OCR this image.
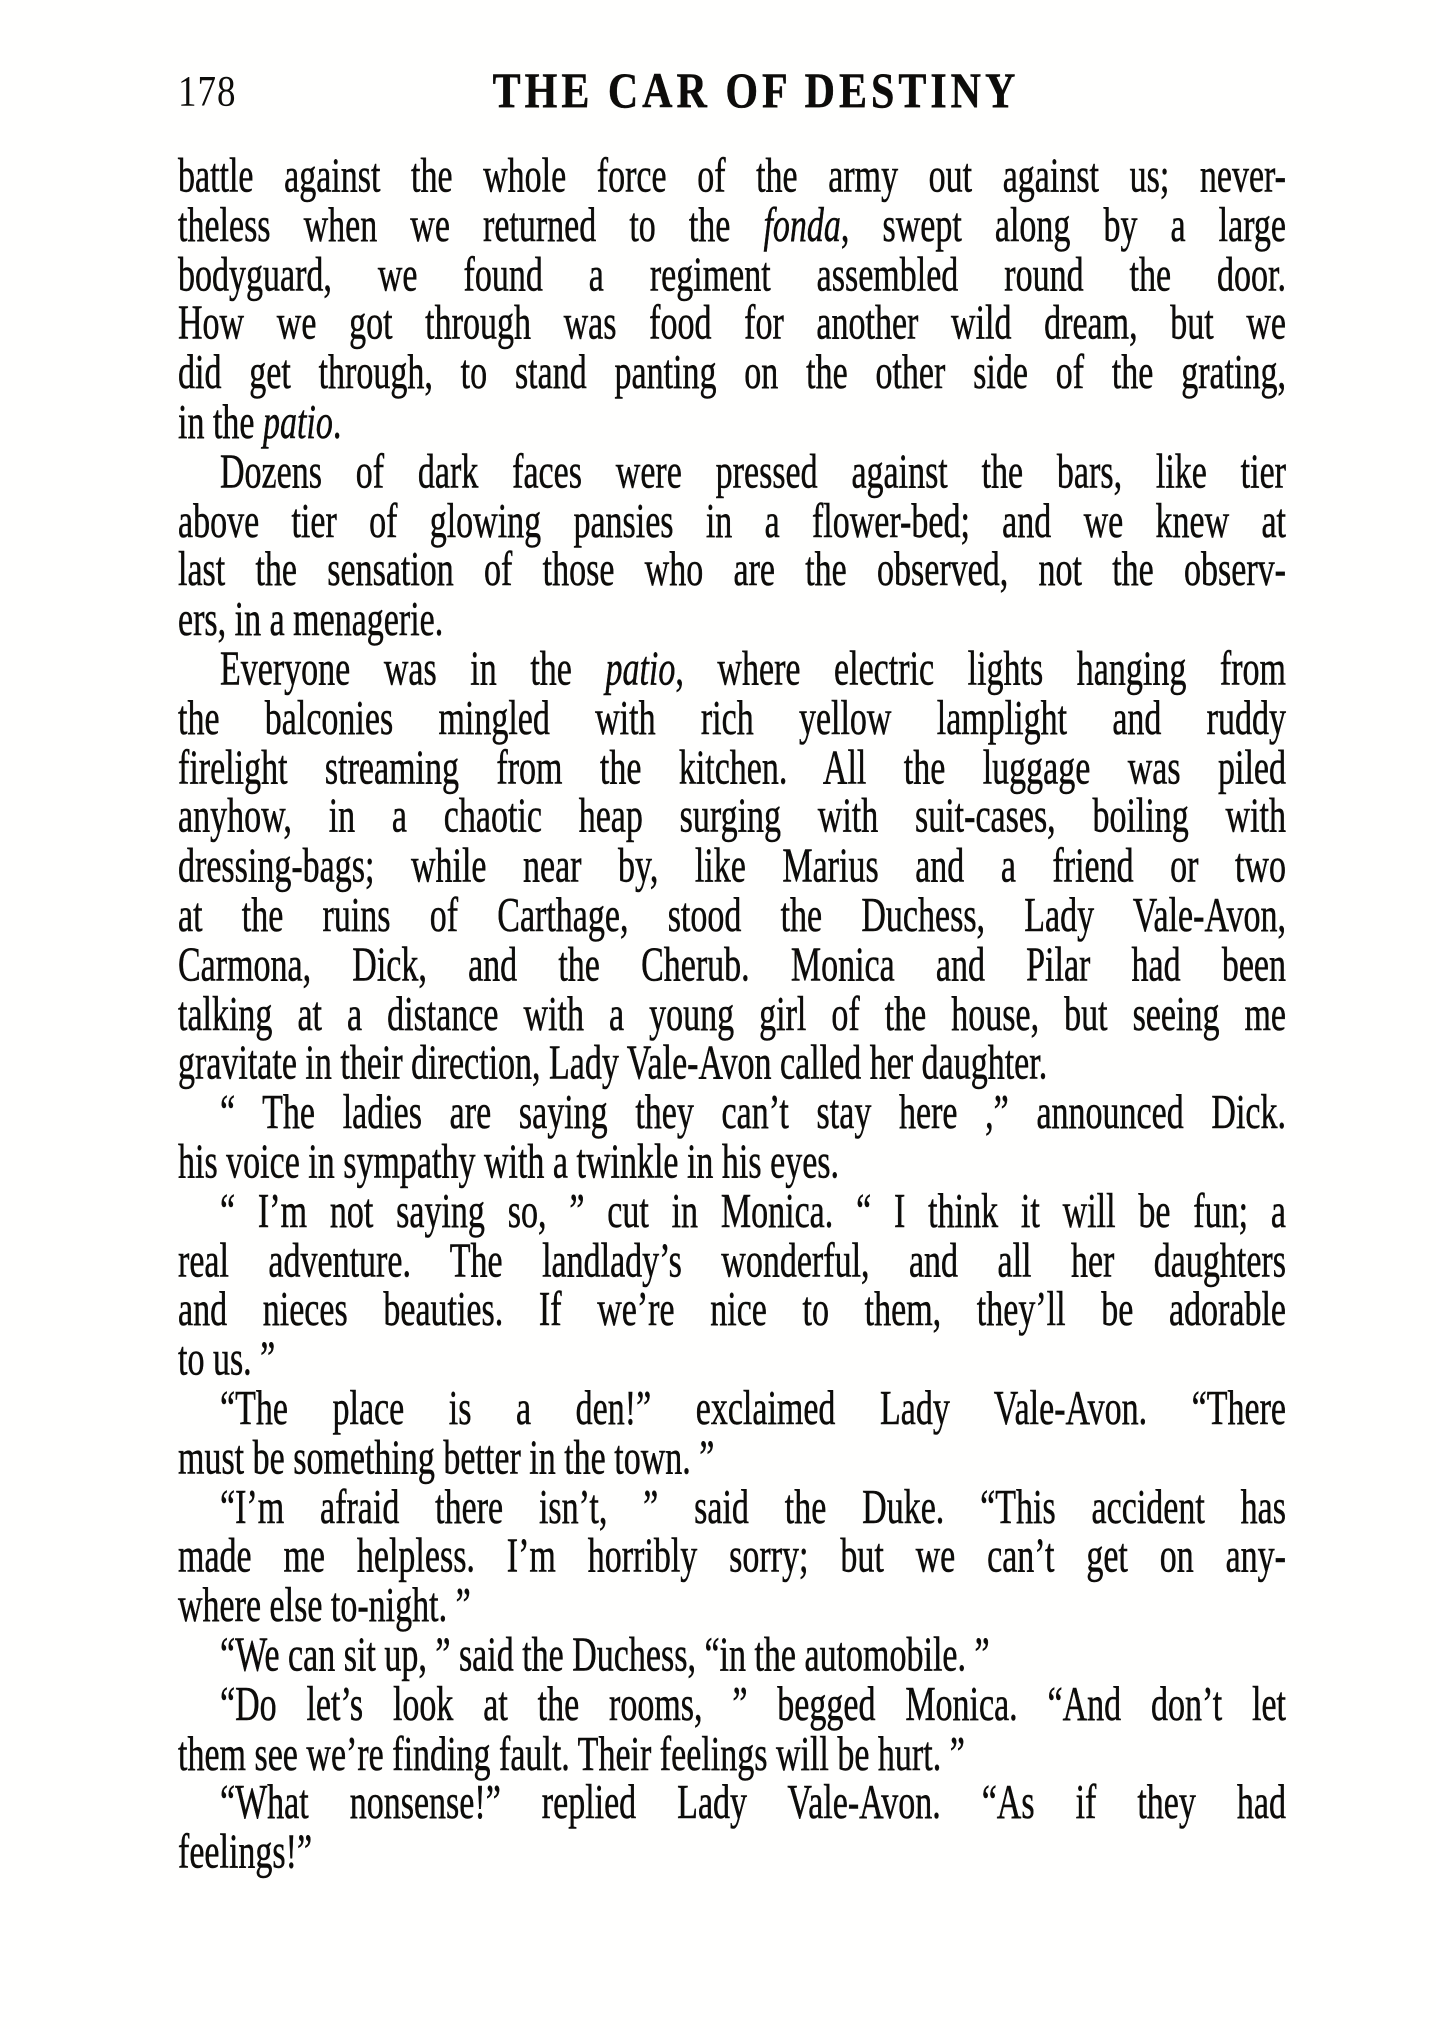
178	THE CAR OF DESTINY
battle against the whole force of the army out against us; never-
theless when we returned to the fonda, swept along by a large
bodyguard, we found a regiment assembled round the door.
How we got through was food for another wild dream, but we
did get through, to stand panting on the other side of the grating,
in the patio.
Dozens of dark faces were pressed against the bars, like tier
above tier of glowing pansies in a flower-bed; and we knew at
last the sensation of those who are the observed, not the observ-
ers, in a menagerie.
Everyone was in the patio, where electric lights hanging from
the balconies mingled with rich yellow lamplight and ruddy
firelight streaming from the kitchen. All the luggage was piled
anyhow, in a chaotic heap surging with suit-cases, boiling with
dressing-bags; while near by, like Marius and a friend or two
at the ruins of Carthage, stood the Duchess, Lady Vale-Avon,
Carmona, Dick, and the Cherub. Monica and Pilar had been
talking at a distance with a young girl of the house, but seeing me
gravitate in their direction, Lady Vale-Avon called her daughter.
“ The ladies are saying they can’t stay here ,” announced Dick.
his voice in sympathy with a twinkle in his eyes.
“ I’m not saying so, ” cut in Monica. “ I think it will be fun; a
real adventure. The landlady’s wonderful, and all her daughters
and nieces beauties. If we’re nice to them, they’ll be adorable
to us. ”
“The place is a den!” exclaimed Lady Vale-Avon. “There
must be something better in the town. ”
“I’m afraid there isn’t, ” said the Duke. “This accident has
made me helpless. I’m horribly sorry; but we can’t get on any-
where else to-night. ”
“We can sit up, ” said the Duchess, “in the automobile. ”
“Do let’s look at the rooms, ” begged Monica. “And don’t let
them see we’re finding fault. Their feelings will be hurt. ”
“What nonsense!” replied Lady Vale-Avon. “As if they had
feelings!”
